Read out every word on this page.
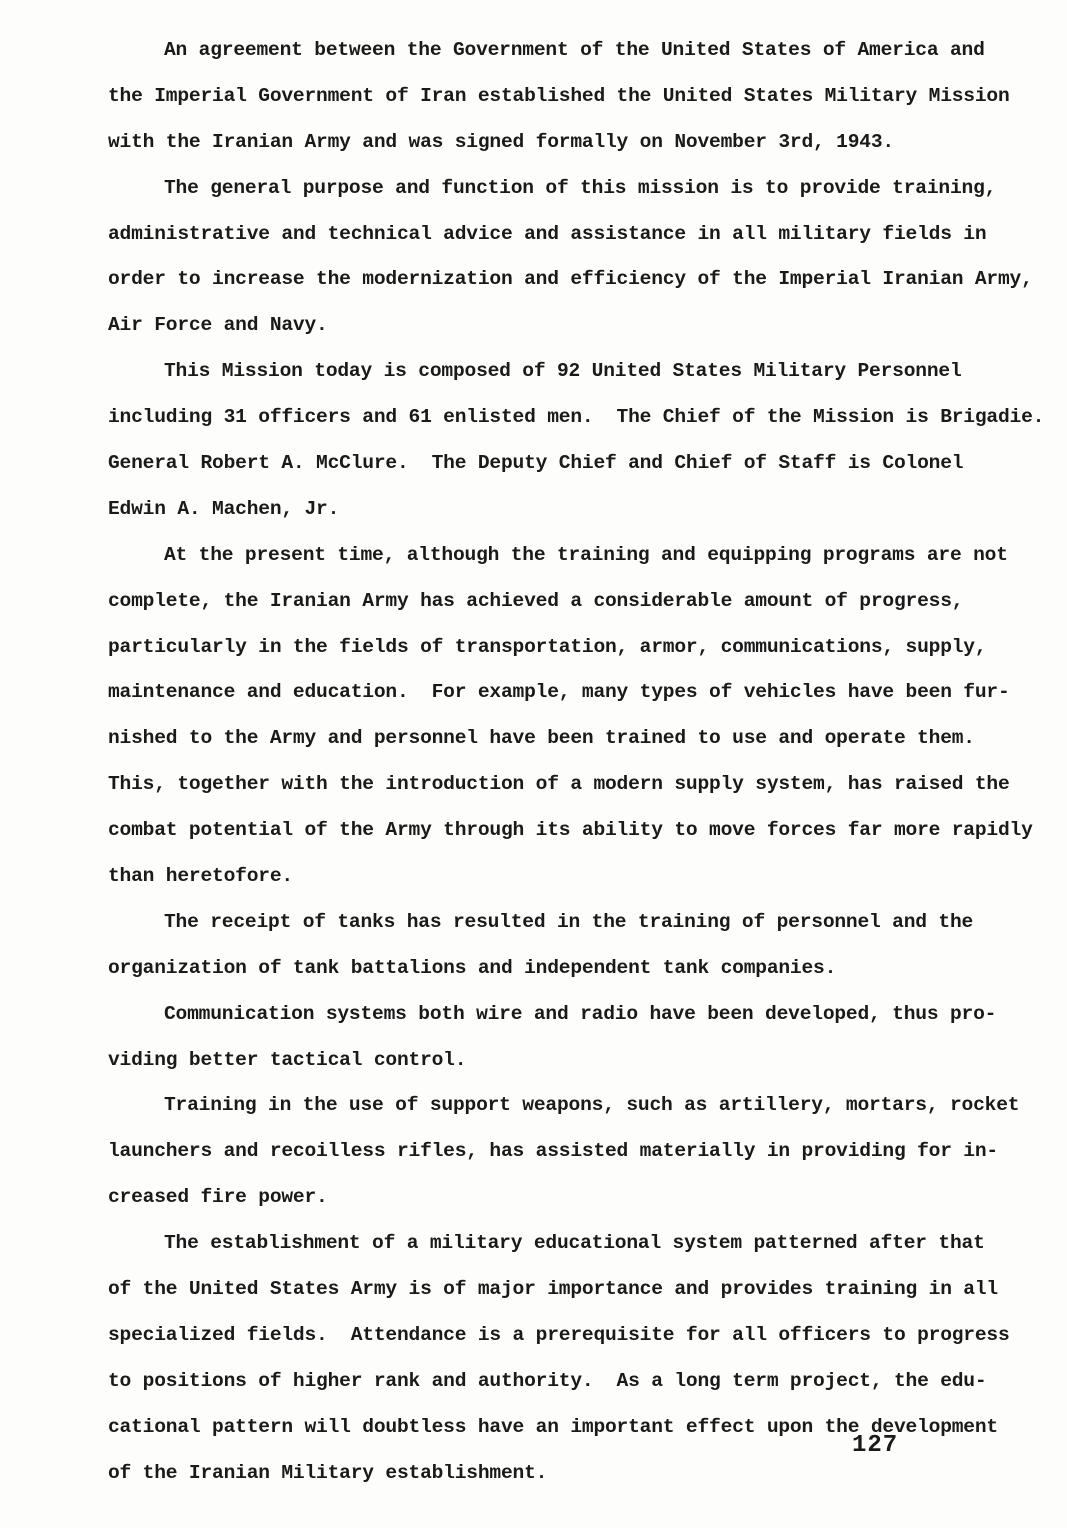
An agreement between the Government of the United States of America and
the Imperial Government of Iran established the United States Military Mission
with the Iranian Army and was signed formally on November 3rd, 1943.
The general purpose and function of this mission is to provide training,
administrative and technical advice and assistance in all military fields in
order to increase the modernization and efficiency of the Imperial Iranian Army,
Air Force and Navy.
This Mission today is composed of 92 United States Military Personnel
including 31 officers and 61 enlisted men.  The Chief of the Mission is Brigadie.
General Robert A. McClure.  The Deputy Chief and Chief of Staff is Colonel
Edwin A. Machen, Jr.
At the present time, although the training and equipping programs are not
complete, the Iranian Army has achieved a considerable amount of progress,
particularly in the fields of transportation, armor, communications, supply,
maintenance and education.  For example, many types of vehicles have been fur-
nished to the Army and personnel have been trained to use and operate them.
This, together with the introduction of a modern supply system, has raised the
combat potential of the Army through its ability to move forces far more rapidly
than heretofore.
The receipt of tanks has resulted in the training of personnel and the
organization of tank battalions and independent tank companies.
Communication systems both wire and radio have been developed, thus pro-
viding better tactical control.
Training in the use of support weapons, such as artillery, mortars, rocket
launchers and recoilless rifles, has assisted materially in providing for in-
creased fire power.
The establishment of a military educational system patterned after that
of the United States Army is of major importance and provides training in all
specialized fields.  Attendance is a prerequisite for all officers to progress
to positions of higher rank and authority.  As a long term project, the edu-
cational pattern will doubtless have an important effect upon the development
of the Iranian Military establishment.
127
